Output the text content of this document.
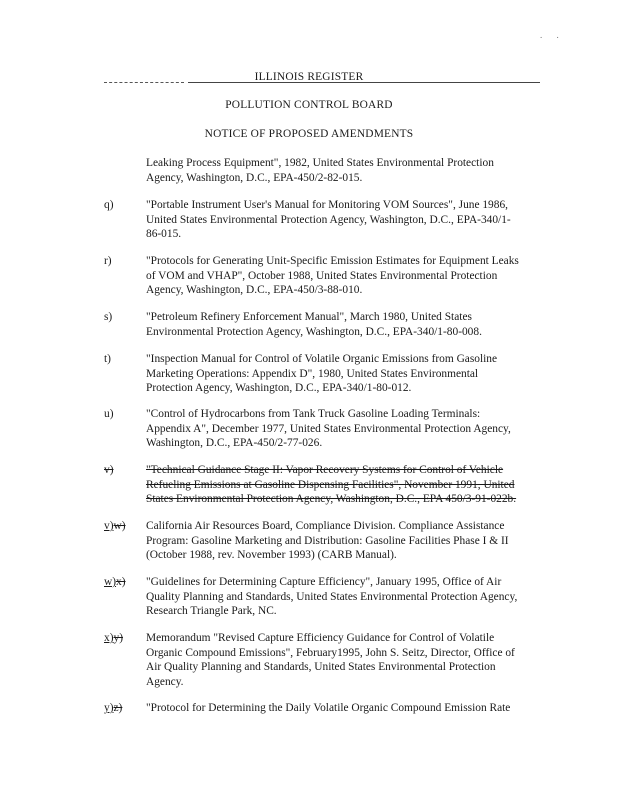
. .
ILLINOIS REGISTER
POLLUTION CONTROL BOARD
NOTICE OF PROPOSED AMENDMENTS
Leaking Process Equipment", 1982, United States Environmental Protection
Agency, Washington, D.C., EPA-450/2-82-015.
q)	"Portable Instrument User's Manual for Monitoring VOM Sources", June 1986,
United States Environmental Protection Agency, Washington, D.C., EPA-340/1-
86-015.
r)	"Protocols for Generating Unit-Specific Emission Estimates for Equipment Leaks
of VOM and VHAP", October 1988, United States Environmental Protection
Agency, Washington, D.C., EPA-450/3-88-010.
s)	"Petroleum Refinery Enforcement Manual", March 1980, United States
Environmental Protection Agency, Washington, D.C., EPA-340/1-80-008.
t)	"Inspection Manual for Control of Volatile Organic Emissions from Gasoline
Marketing Operations: Appendix D", 1980, United States Environmental
Protection Agency, Washington, D.C., EPA-340/1-80-012.
u)	"Control of Hydrocarbons from Tank Truck Gasoline Loading Terminals:
Appendix A", December 1977, United States Environmental Protection Agency,
Washington, D.C., EPA-450/2-77-026.
v)	"Technical Guidance Stage II: Vapor Recovery Systems for Control of Vehicle
Refueling Emissions at Gasoline Dispensing Facilities", November 1991, United
States Environmental Protection Agency, Washington, D.C., EPA 450/3-91-022b.
v)w)	California Air Resources Board, Compliance Division. Compliance Assistance
Program: Gasoline Marketing and Distribution: Gasoline Facilities Phase I & II
(October 1988, rev. November 1993) (CARB Manual).
w)x)	"Guidelines for Determining Capture Efficiency", January 1995, Office of Air
Quality Planning and Standards, United States Environmental Protection Agency,
Research Triangle Park, NC.
x)y)	Memorandum "Revised Capture Efficiency Guidance for Control of Volatile
Organic Compound Emissions", February1995, John S. Seitz, Director, Office of
Air Quality Planning and Standards, United States Environmental Protection
Agency.
y)z)	"Protocol for Determining the Daily Volatile Organic Compound Emission Rate
